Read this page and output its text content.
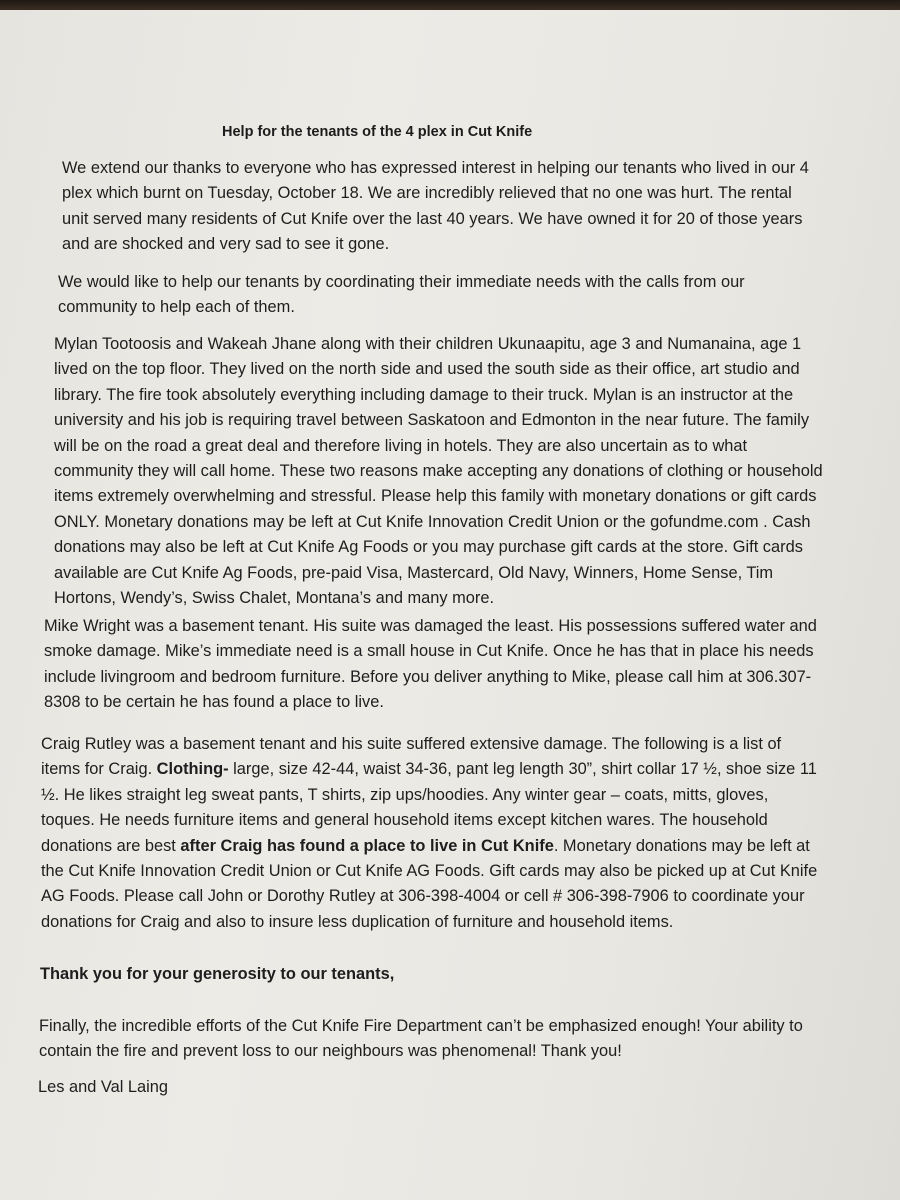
Help for the tenants of the 4 plex in Cut Knife

We extend our thanks to everyone who has expressed interest in helping our tenants who lived in our 4 plex which burnt on Tuesday, October 18. We are incredibly relieved that no one was hurt. The rental unit served many residents of Cut Knife over the last 40 years. We have owned it for 20 of those years and are shocked and very sad to see it gone.

We would like to help our tenants by coordinating their immediate needs with the calls from our community to help each of them.

Mylan Tootoosis and Wakeah Jhane along with their children Ukunaapitu, age 3 and Numanaina, age 1 lived on the top floor. They lived on the north side and used the south side as their office, art studio and library. The fire took absolutely everything including damage to their truck. Mylan is an instructor at the university and his job is requiring travel between Saskatoon and Edmonton in the near future. The family will be on the road a great deal and therefore living in hotels. They are also uncertain as to what community they will call home. These two reasons make accepting any donations of clothing or household items extremely overwhelming and stressful. Please help this family with monetary donations or gift cards ONLY. Monetary donations may be left at Cut Knife Innovation Credit Union or the gofundme.com . Cash donations may also be left at Cut Knife Ag Foods or you may purchase gift cards at the store. Gift cards available are Cut Knife Ag Foods, pre-paid Visa, Mastercard, Old Navy, Winners, Home Sense, Tim Hortons, Wendy’s, Swiss Chalet, Montana’s and many more.

Mike Wright was a basement tenant. His suite was damaged the least. His possessions suffered water and smoke damage. Mike’s immediate need is a small house in Cut Knife. Once he has that in place his needs include livingroom and bedroom furniture. Before you deliver anything to Mike, please call him at 306.307-8308 to be certain he has found a place to live.

Craig Rutley was a basement tenant and his suite suffered extensive damage. The following is a list of items for Craig. Clothing- large, size 42-44, waist 34-36, pant leg length 30”, shirt collar 17 ½, shoe size 11 ½. He likes straight leg sweat pants, T shirts, zip ups/hoodies. Any winter gear – coats, mitts, gloves, toques. He needs furniture items and general household items except kitchen wares. The household donations are best after Craig has found a place to live in Cut Knife. Monetary donations may be left at the Cut Knife Innovation Credit Union or Cut Knife AG Foods. Gift cards may also be picked up at Cut Knife AG Foods. Please call John or Dorothy Rutley at 306-398-4004 or cell # 306-398-7906 to coordinate your donations for Craig and also to insure less duplication of furniture and household items.

Thank you for your generosity to our tenants,

Finally, the incredible efforts of the Cut Knife Fire Department can’t be emphasized enough! Your ability to contain the fire and prevent loss to our neighbours was phenomenal! Thank you!

Les and Val Laing
